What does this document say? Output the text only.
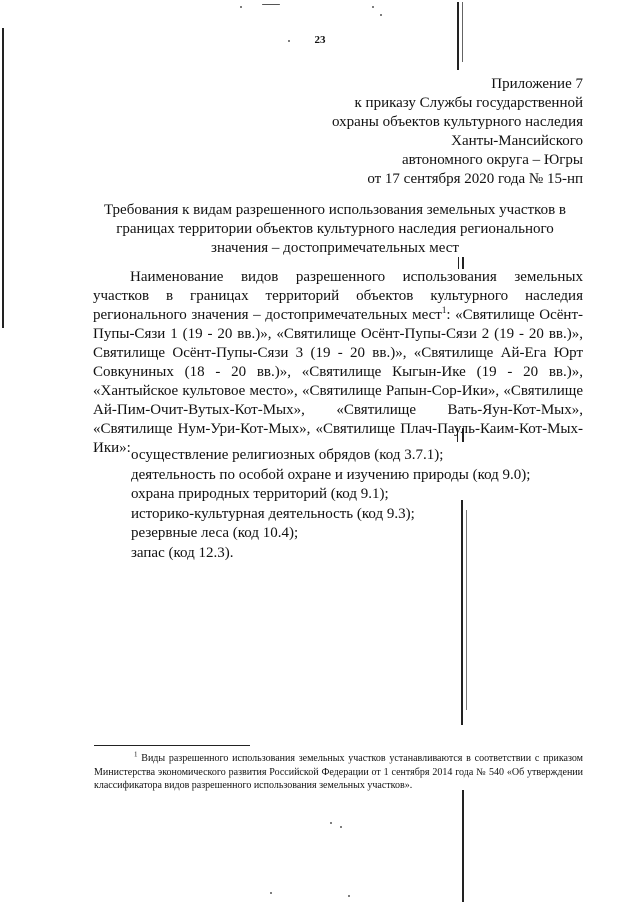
23
Приложение 7
к приказу Службы государственной
охраны объектов культурного наследия
Ханты-Мансийского
автономного округа – Югры
от 17 сентября 2020 года № 15-нп
Требования к видам разрешенного использования земельных участков в границах территории объектов культурного наследия регионального значения – достопримечательных мест

Наименование видов разрешенного использования земельных участков в границах территорий объектов культурного наследия регионального значения – достопримечательных мест$^1$: «Святилище Осёнт-Пупы-Сязи 1 (19 - 20 вв.)», «Святилище Осёнт-Пупы-Сязи 2 (19 - 20 вв.)», Святилище Осёнт-Пупы-Сязи 3 (19 - 20 вв.)», «Святилище Ай-Ега Юрт Совкуниных (18 - 20 вв.)», «Святилище Кыгын-Ике (19 - 20 вв.)», «Хантыйское культовое место», «Святилище Рапын-Сор-Ики», «Святилище Ай-Пим-Очит-Вутых-Кот-Мых», «Святилище Вать-Яун-Кот-Мых», «Святилище Нум-Ури-Кот-Мых», «Святилище Плач-Пауль-Каим-Кот-Мых-Ики»: осуществление религиозных обрядов (код 3.7.1);
деятельность по особой охране и изучению природы (код 9.0);
охрана природных территорий (код 9.1);
историко-культурная деятельность (код 9.3);
резервные леса (код 10.4);
запас (код 12.3).

$^1$ Виды разрешенного использования земельных участков устанавливаются в соответствии с приказом Министерства экономического развития Российской Федерации от 1 сентября 2014 года № 540 «Об утверждении классификатора видов разрешенного использования земельных участков».
